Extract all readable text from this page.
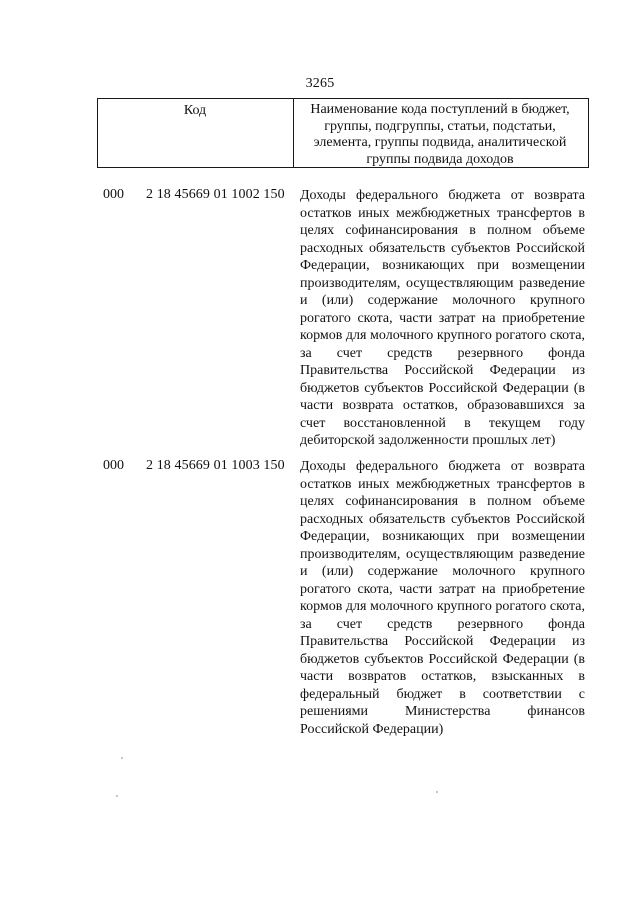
3265
Код	Наименование кода поступлений в бюджет, группы, подгруппы, статьи, подстатьи, элемента, группы подвида, аналитической группы подвида доходов
000 2 18 45669 01 1002 150 Доходы федерального бюджета от возврата остатков иных межбюджетных трансфертов в целях софинансирования в полном объеме расходных обязательств субъектов Российской Федерации, возникающих при возмещении производителям, осуществляющим разведение и (или) содержание молочного крупного рогатого скота, части затрат на приобретение кормов для молочного крупного рогатого скота, за счет средств резервного фонда Правительства Российской Федерации из бюджетов субъектов Российской Федерации (в части возврата остатков, образовавшихся за счет восстановленной в текущем году дебиторской задолженности прошлых лет)
000 2 18 45669 01 1003 150 Доходы федерального бюджета от возврата остатков иных межбюджетных трансфертов в целях софинансирования в полном объеме расходных обязательств субъектов Российской Федерации, возникающих при возмещении производителям, осуществляющим разведение и (или) содержание молочного крупного рогатого скота, части затрат на приобретение кормов для молочного крупного рогатого скота, за счет средств резервного фонда Правительства Российской Федерации из бюджетов субъектов Российской Федерации (в части возвратов остатков, взысканных в федеральный бюджет в соответствии с решениями Министерства финансов Российской Федерации)
